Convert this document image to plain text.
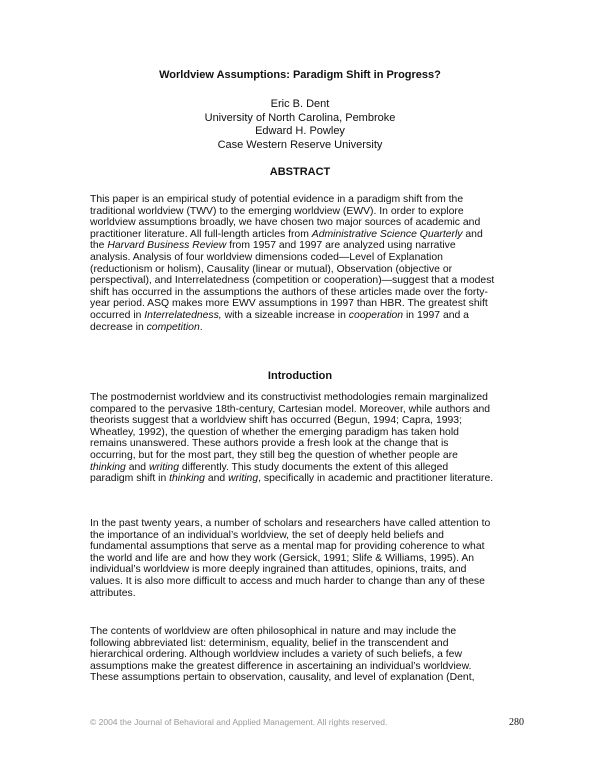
Worldview Assumptions: Paradigm Shift in Progress?
Eric B. Dent
University of North Carolina, Pembroke
Edward H. Powley
Case Western Reserve University
ABSTRACT
This paper is an empirical study of potential evidence in a paradigm shift from the
traditional worldview (TWV) to the emerging worldview (EWV). In order to explore
worldview assumptions broadly, we have chosen two major sources of academic and
practitioner literature. All full-length articles from Administrative Science Quarterly and
the Harvard Business Review from 1957 and 1997 are analyzed using narrative
analysis. Analysis of four worldview dimensions coded—Level of Explanation
(reductionism or holism), Causality (linear or mutual), Observation (objective or
perspectival), and Interrelatedness (competition or cooperation)—suggest that a modest
shift has occurred in the assumptions the authors of these articles made over the forty-
year period. ASQ makes more EWV assumptions in 1997 than HBR. The greatest shift
occurred in Interrelatedness, with a sizeable increase in cooperation in 1997 and a
decrease in competition.
Introduction
The postmodernist worldview and its constructivist methodologies remain marginalized
compared to the pervasive 18th-century, Cartesian model. Moreover, while authors and
theorists suggest that a worldview shift has occurred (Begun, 1994; Capra, 1993;
Wheatley, 1992), the question of whether the emerging paradigm has taken hold
remains unanswered. These authors provide a fresh look at the change that is
occurring, but for the most part, they still beg the question of whether people are
thinking and writing differently. This study documents the extent of this alleged
paradigm shift in thinking and writing, specifically in academic and practitioner literature.
In the past twenty years, a number of scholars and researchers have called attention to
the importance of an individual’s worldview, the set of deeply held beliefs and
fundamental assumptions that serve as a mental map for providing coherence to what
the world and life are and how they work (Gersick, 1991; Slife & Williams, 1995). An
individual’s worldview is more deeply ingrained than attitudes, opinions, traits, and
values. It is also more difficult to access and much harder to change than any of these
attributes.
The contents of worldview are often philosophical in nature and may include the
following abbreviated list: determinism, equality, belief in the transcendent and
hierarchical ordering. Although worldview includes a variety of such beliefs, a few
assumptions make the greatest difference in ascertaining an individual’s worldview.
These assumptions pertain to observation, causality, and level of explanation (Dent,
© 2004 the Journal of Behavioral and Applied Management. All rights reserved.	280
